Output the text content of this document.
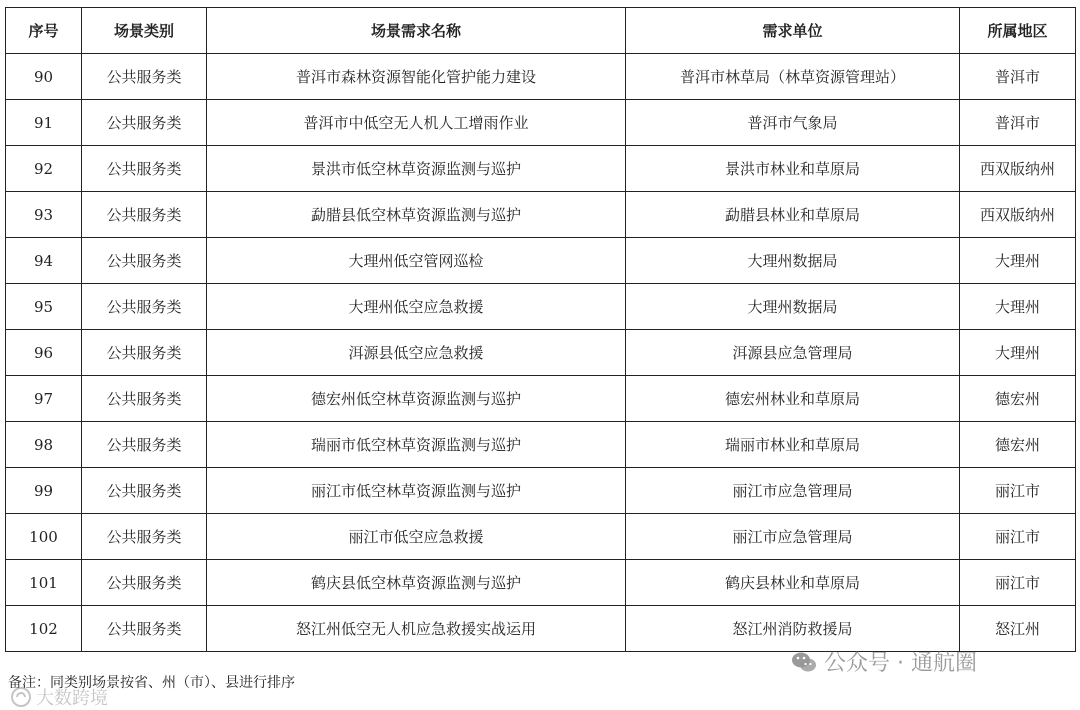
序号	场景类别	场景需求名称	需求单位	所属地区
90	公共服务类	普洱市森林资源智能化管护能力建设	普洱市林草局（林草资源管理站）	普洱市
91	公共服务类	普洱市中低空无人机人工增雨作业	普洱市气象局	普洱市
92	公共服务类	景洪市低空林草资源监测与巡护	景洪市林业和草原局	西双版纳州
93	公共服务类	勐腊县低空林草资源监测与巡护	勐腊县林业和草原局	西双版纳州
94	公共服务类	大理州低空管网巡检	大理州数据局	大理州
95	公共服务类	大理州低空应急救援	大理州数据局	大理州
96	公共服务类	洱源县低空应急救援	洱源县应急管理局	大理州
97	公共服务类	德宏州低空林草资源监测与巡护	德宏州林业和草原局	德宏州
98	公共服务类	瑞丽市低空林草资源监测与巡护	瑞丽市林业和草原局	德宏州
99	公共服务类	丽江市低空林草资源监测与巡护	丽江市应急管理局	丽江市
100	公共服务类	丽江市低空应急救援	丽江市应急管理局	丽江市
101	公共服务类	鹤庆县低空林草资源监测与巡护	鹤庆县林业和草原局	丽江市
102	公共服务类	怒江州低空无人机应急救援实战运用	怒江州消防救援局	怒江州
备注：同类别场景按省、州（市）、县进行排序
公众号 · 通航圈
大数跨境
